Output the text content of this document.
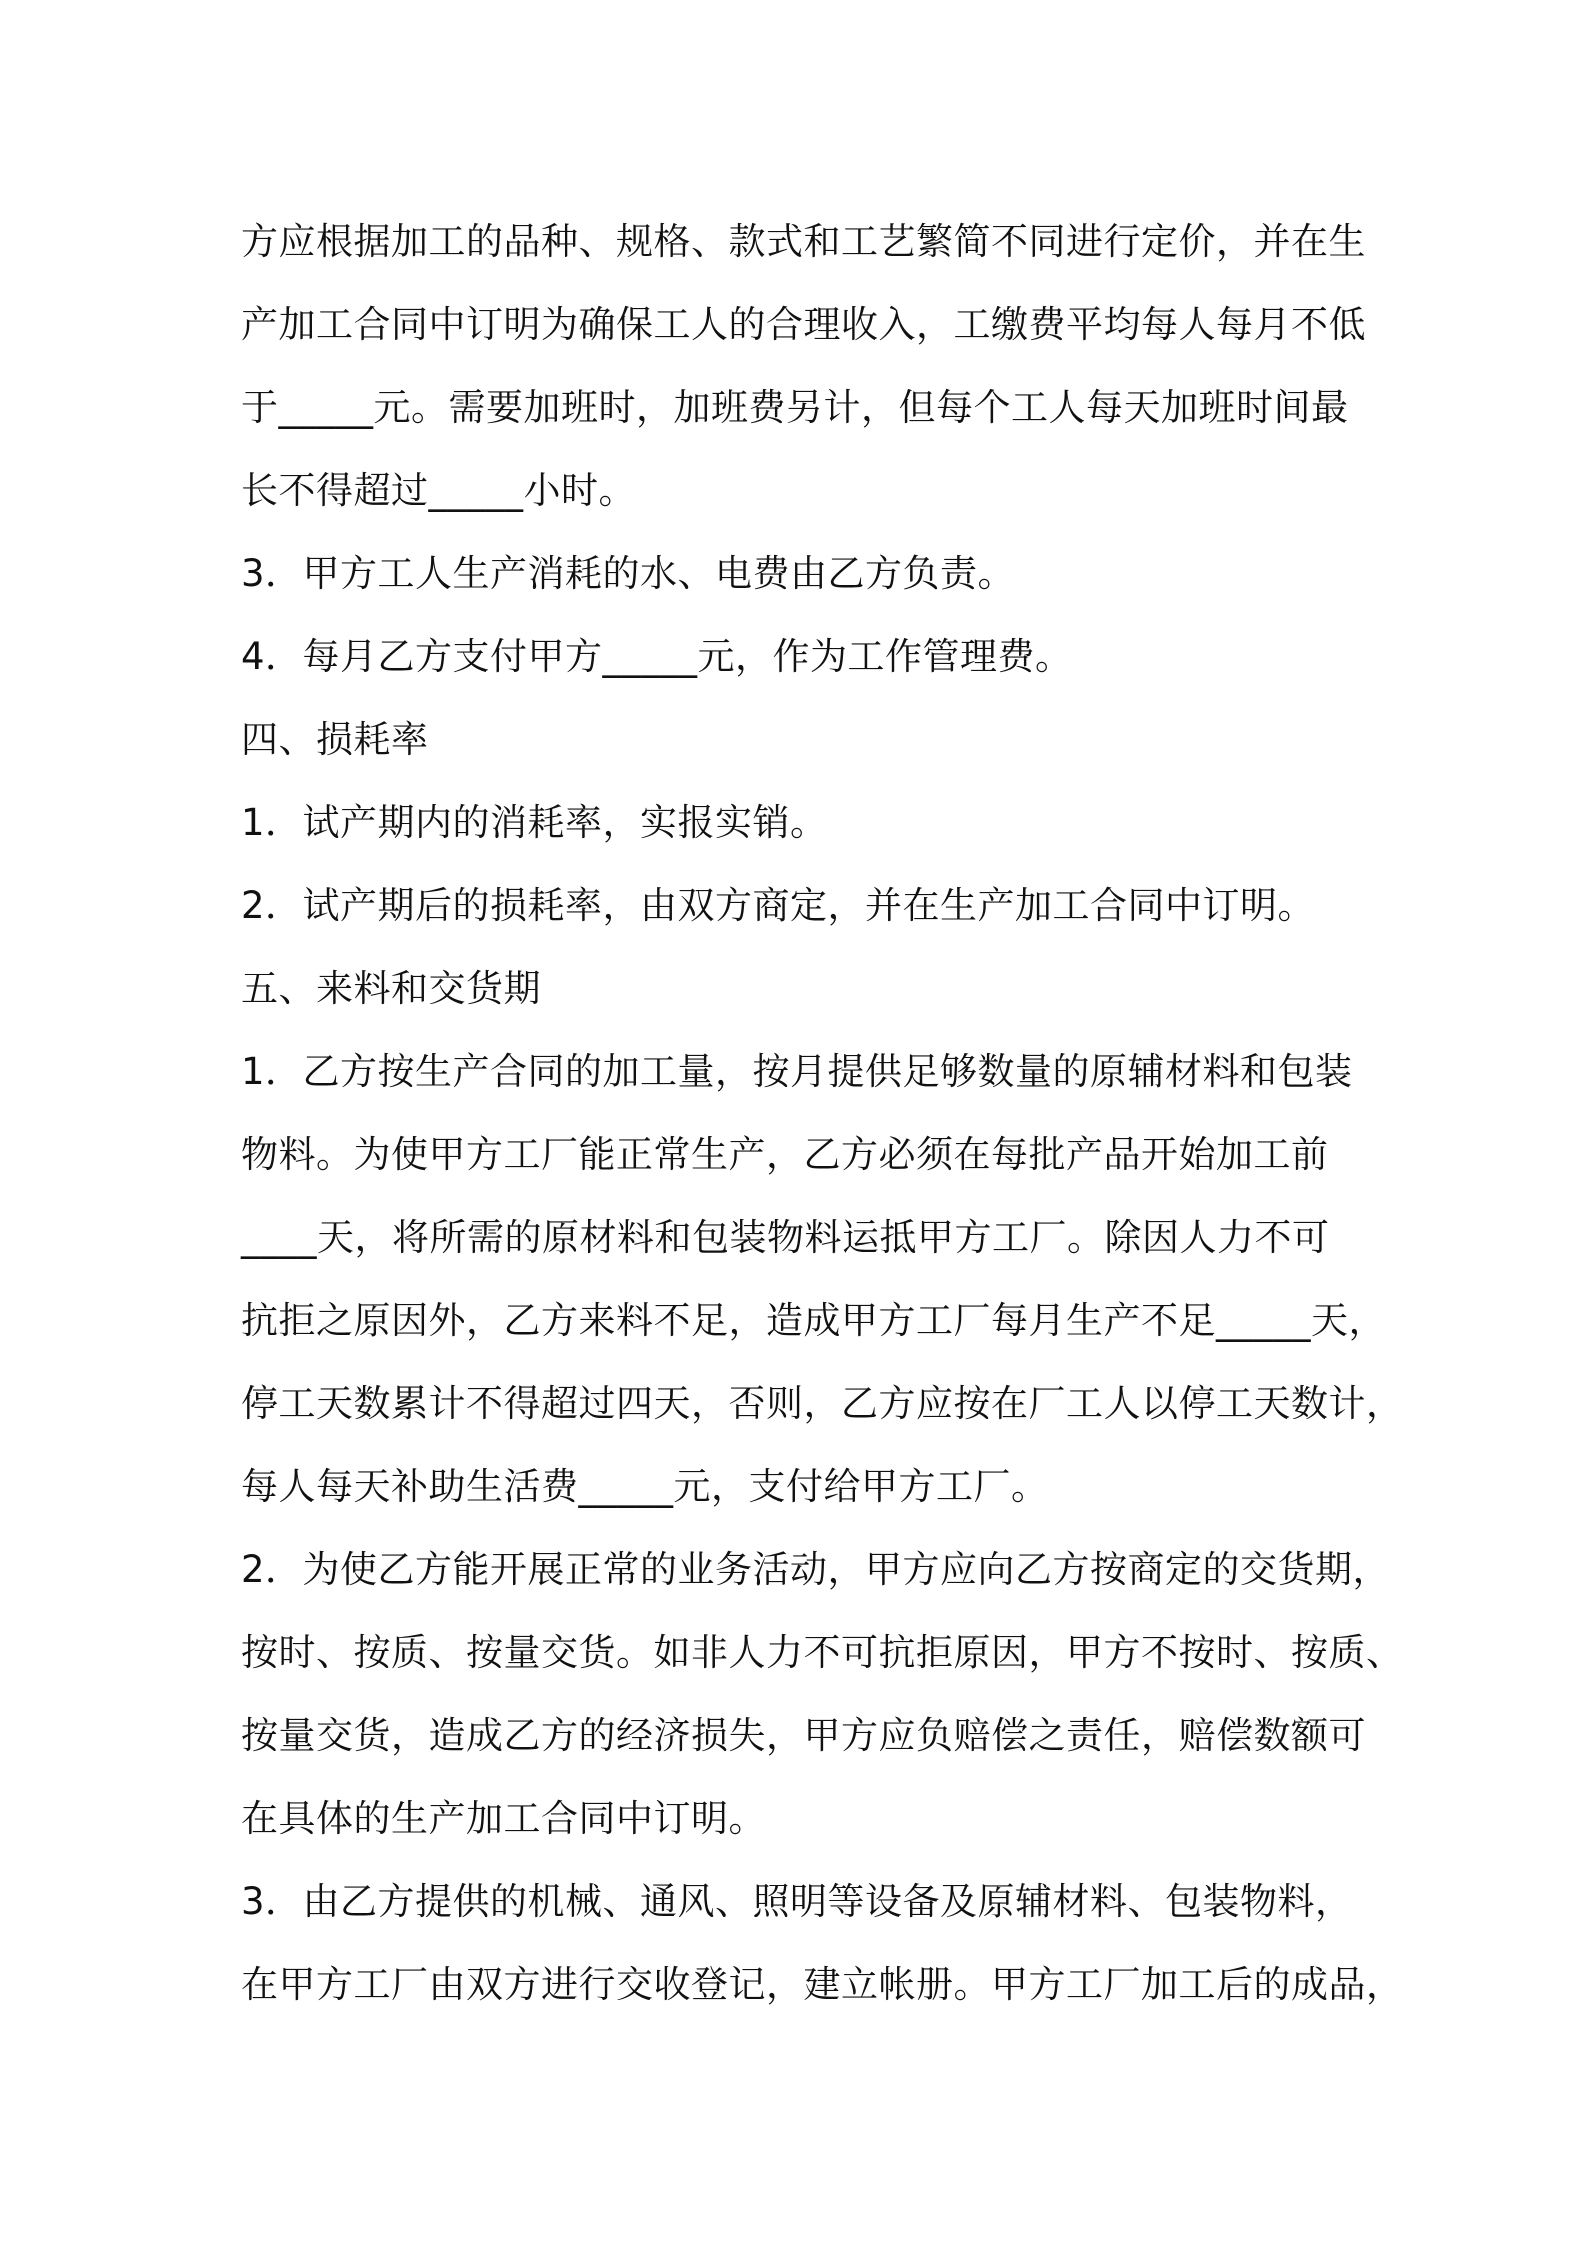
方应根据加工的品种、规格、款式和工艺繁简不同进行定价，并在生
产加工合同中订明为确保工人的合理收入，工缴费平均每人每月不低
于_____元。需要加班时，加班费另计，但每个工人每天加班时间最
长不得超过_____小时。
3．甲方工人生产消耗的水、电费由乙方负责。
4．每月乙方支付甲方_____元，作为工作管理费。
四、损耗率
1．试产期内的消耗率，实报实销。
2．试产期后的损耗率，由双方商定，并在生产加工合同中订明。
五、来料和交货期
1．乙方按生产合同的加工量，按月提供足够数量的原辅材料和包装
物料。为使甲方工厂能正常生产，乙方必须在每批产品开始加工前
____天，将所需的原材料和包装物料运抵甲方工厂。除因人力不可
抗拒之原因外，乙方来料不足，造成甲方工厂每月生产不足_____天，
停工天数累计不得超过四天，否则，乙方应按在厂工人以停工天数计，
每人每天补助生活费_____元，支付给甲方工厂。
2．为使乙方能开展正常的业务活动，甲方应向乙方按商定的交货期，
按时、按质、按量交货。如非人力不可抗拒原因，甲方不按时、按质、
按量交货，造成乙方的经济损失，甲方应负赔偿之责任，赔偿数额可
在具体的生产加工合同中订明。
3．由乙方提供的机械、通风、照明等设备及原辅材料、包装物料，
在甲方工厂由双方进行交收登记，建立帐册。甲方工厂加工后的成品，
